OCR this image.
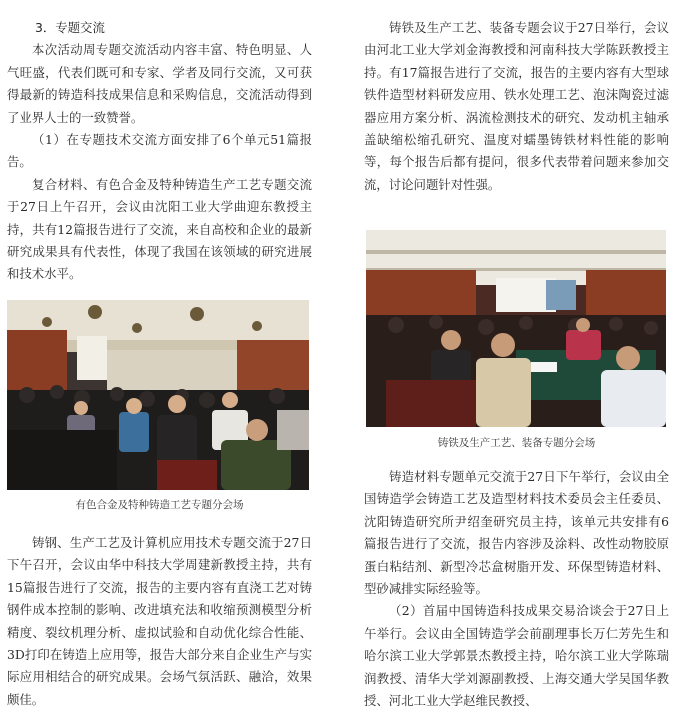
3．专题交流

本次活动周专题交流活动内容丰富、特色明显、人气旺盛，代表们既可和专家、学者及同行交流，又可获得最新的铸造科技成果信息和采购信息，交流活动得到了业界人士的一致赞誉。

（1）在专题技术交流方面安排了6个单元51篇报告。

复合材料、有色合金及特种铸造生产工艺专题交流于27日上午召开，会议由沈阳工业大学曲迎东教授主持，共有12篇报告进行了交流，来自高校和企业的最新研究成果具有代表性，体现了我国在该领域的研究进展和技术水平。

有色合金及特种铸造工艺专题分会场

铸钢、生产工艺及计算机应用技术专题交流于27日下午召开，会议由华中科技大学周建新教授主持，共有15篇报告进行了交流，报告的主要内容有直浇工艺对铸钢件成本控制的影响、改进填充法和收缩预测模型分析精度、裂纹机理分析、虚拟试验和自动优化综合性能、3D打印在铸造上应用等，报告大部分来自企业生产与实际应用相结合的研究成果。会场气氛活跃、融洽，效果颇佳。

铸铁及生产工艺、装备专题会议于27日举行，会议由河北工业大学刘金海教授和河南科技大学陈跃教授主持。有17篇报告进行了交流，报告的主要内容有大型球铁件造型材料研发应用、铁水处理工艺、泡沫陶瓷过滤器应用方案分析、涡流检测技术的研究、发动机主轴承盖缺缩松缩孔研究、温度对蠕墨铸铁材料性能的影响等，每个报告后都有提问，很多代表带着问题来参加交流，讨论问题针对性强。

铸铁及生产工艺、装备专题分会场

铸造材料专题单元交流于27日下午举行，会议由全国铸造学会铸造工艺及造型材料技术委员会主任委员、沈阳铸造研究所尹绍奎研究员主持，该单元共安排有6篇报告进行了交流，报告内容涉及涂料、改性动物胶原蛋白粘结剂、新型冷芯盒树脂开发、环保型铸造材料、型砂减排实际经验等。

（2）首届中国铸造科技成果交易洽谈会于27日上午举行。会议由全国铸造学会前副理事长万仁芳先生和哈尔滨工业大学郭景杰教授主持，哈尔滨工业大学陈瑞润教授、清华大学刘源副教授、上海交通大学吴国华教授、河北工业大学赵维民教授、
